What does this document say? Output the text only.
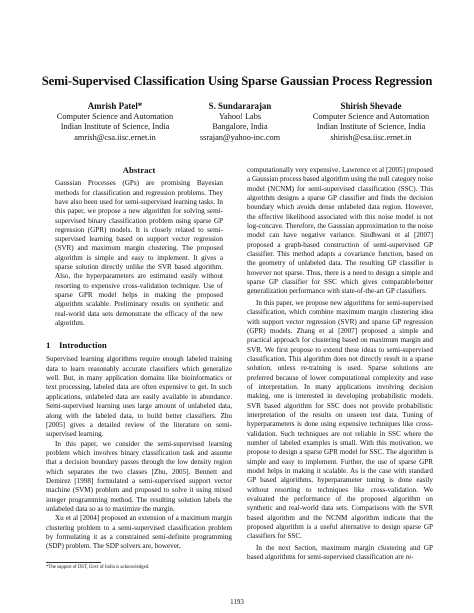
Semi-Supervised Classification Using Sparse Gaussian Process Regression
Amrish Patel*
Computer Science and Automation
Indian Institute of Science, India
amrish@csa.iisc.ernet.in
S. Sundararajan
Yahoo! Labs
Bangalore, India
ssrajan@yahoo-inc.com
Shirish Shevade
Computer Science and Automation
Indian Institute of Science, India
shirish@csa.iisc.ernet.in
Abstract

Gaussian Processes (GPs) are promising Bayesian methods for classification and regression problems. They have also been used for semi-supervised learning tasks. In this paper, we propose a new algorithm for solving semi-supervised binary classification problem using sparse GP regression (GPR) models. It is closely related to semi-supervised learning based on support vector regression (SVR) and maximum margin clustering. The proposed algorithm is simple and easy to implement. It gives a sparse solution directly unlike the SVR based algorithm. Also, the hyperparameters are estimated easily without resorting to expensive cross-validation technique. Use of sparse GPR model helps in making the proposed algorithm scalable. Preliminary results on synthetic and real-world data sets demonstrate the efficacy of the new algorithm.

1 Introduction

Supervised learning algorithms require enough labeled training data to learn reasonably accurate classifiers which generalize well. But, in many application domains like bioinformatics or text processing, labeled data are often expensive to get. In such applications, unlabeled data are easily available in abundance. Semi-supervised learning uses large amount of unlabeled data, along with the labeled data, to build better classifiers. Zhu [2005] gives a detailed review of the literature on semi-supervised learning.

In this paper, we consider the semi-supervised learning problem which involves binary classification task and assume that a decision boundary passes through the low density region which separates the two classes [Zhu, 2005]. Bennett and Demirez [1998] formulated a semi-supervised support vector machine (SVM) problem and proposed to solve it using mixed integer programming method. The resulting solution labels the unlabeled data so as to maximize the margin.

Xu et al [2004] proposed an extension of a maximum margin clustering problem to a semi-supervised classification problem by formulating it as a constrained semi-definite programming (SDP) problem. The SDP solvers are, however,

computationally very expensive. Lawrence et al [2005] proposed a Gaussian process based algorithm using the null category noise model (NCNM) for semi-supervised classification (SSC). This algorithm designs a sparse GP classifier and finds the decision boundary which avoids dense unlabeled data region. However, the effective likelihood associated with this noise model is not log-concave. Therefore, the Gaussian approximation to the noise model can have negative variance. Sindhwani et al [2007] proposed a graph-based construction of semi-supervised GP classifier. This method adapts a covariance function, based on the geometry of unlabeled data. The resulting GP classifier is however not sparse. Thus, there is a need to design a simple and sparse GP classifier for SSC which gives comparable/better generalization performance with state-of-the-art GP classifiers.

In this paper, we propose new algorithms for semi-supervised classification, which combine maximum margin clustering idea with support vector regression (SVR) and sparse GP regression (GPR) models. Zhang et al [2007] proposed a simple and practical approach for clustering based on maximum margin and SVR. We first propose to extend these ideas to semi-supervised classification. This algorithm does not directly result in a sparse solution, unless re-training is used. Sparse solutions are preferred because of lower computational complexity and ease of interpretation. In many applications involving decision making, one is interested in developing probabilistic models. SVR based algorithm for SSC does not provide probabilistic interpretation of the results on unseen test data. Tuning of hyperparameters is done using expensive techniques like cross-validation. Such techniques are not reliable in SSC where the number of labeled examples is small. With this motivation, we propose to design a sparse GPR model for SSC. The algorithm is simple and easy to implement. Further, the use of sparse GPR model helps in making it scalable. As is the case with standard GP based algorithms, hyperparameter tuning is done easily without resorting to techniques like cross-validation. We evaluated the performance of the proposed algorithm on synthetic and real-world data sets. Comparisons with the SVR based algorithm and the NCNM algorithm indicate that the proposed algorithm is a useful alternative to design sparse GP classifiers for SSC.

In the next Section, maximum margin clustering and GP based algorithms for semi-supervised classification are re-

*The support of DST, Govt of India is acknowledged.
1193
